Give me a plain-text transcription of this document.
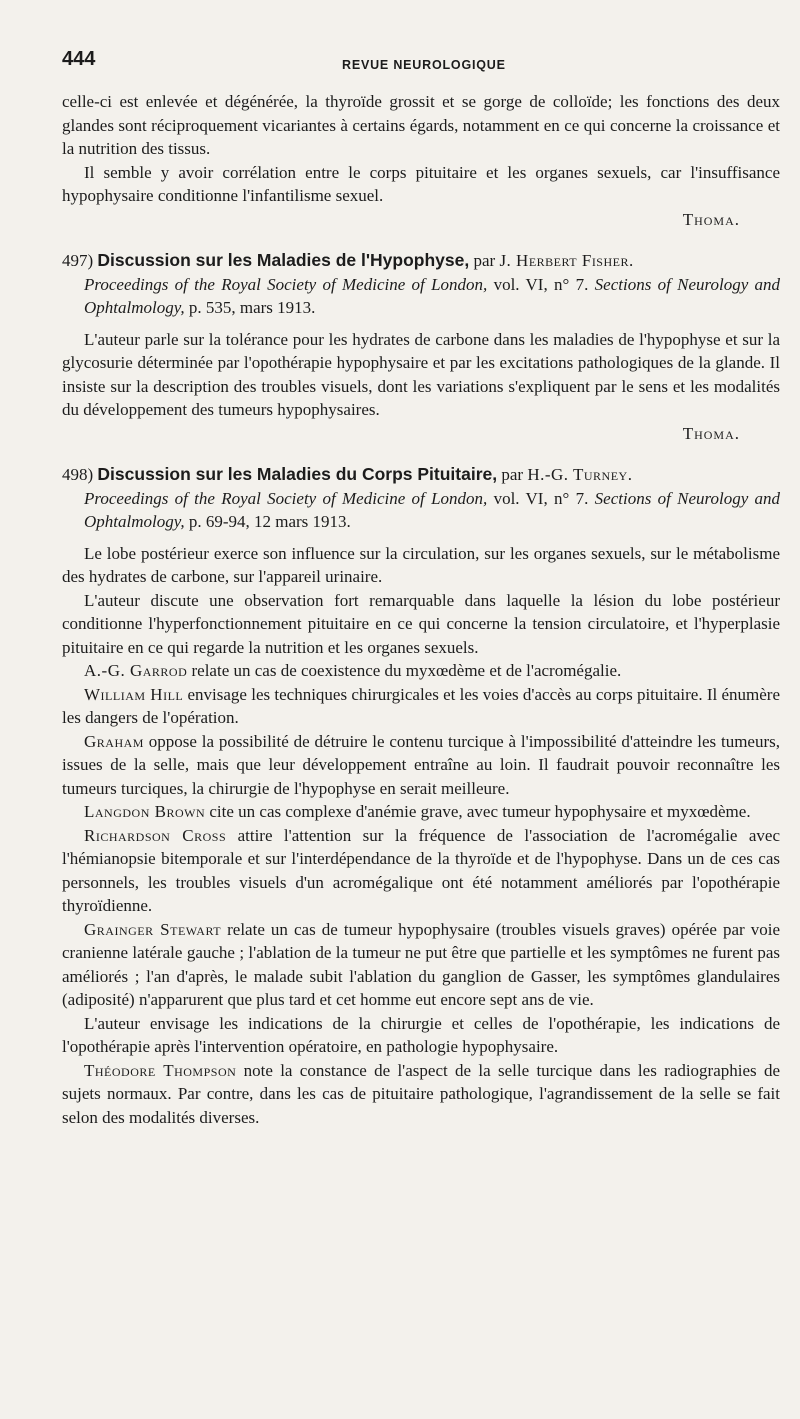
444	REVUE NEUROLOGIQUE

celle-ci est enlevée et dégénérée, la thyroïde grossit et se gorge de colloïde; les fonctions des deux glandes sont réciproquement vicariantes à certains égards, notamment en ce qui concerne la croissance et la nutrition des tissus.

Il semble y avoir corrélation entre le corps pituitaire et les organes sexuels, car l'insuffisance hypophysaire conditionne l'infantilisme sexuel.

Thoma.

497) Discussion sur les Maladies de l'Hypophyse, par J. Herbert Fisher.
Proceedings of the Royal Society of Medicine of London, vol. VI, n° 7. Sections of Neurology and Ophtalmology, p. 535, mars 1913.

L'auteur parle sur la tolérance pour les hydrates de carbone dans les maladies de l'hypophyse et sur la glycosurie déterminée par l'opothérapie hypophysaire et par les excitations pathologiques de la glande. Il insiste sur la description des troubles visuels, dont les variations s'expliquent par le sens et les modalités du développement des tumeurs hypophysaires.

Thoma.

498) Discussion sur les Maladies du Corps Pituitaire, par H.-G. Turney.
Proceedings of the Royal Society of Medicine of London, vol. VI, n° 7. Sections of Neurology and Ophtalmology, p. 69-94, 12 mars 1913.

Le lobe postérieur exerce son influence sur la circulation, sur les organes sexuels, sur le métabolisme des hydrates de carbone, sur l'appareil urinaire.

L'auteur discute une observation fort remarquable dans laquelle la lésion du lobe postérieur conditionne l'hyperfonctionnement pituitaire en ce qui concerne la tension circulatoire, et l'hyperplasie pituitaire en ce qui regarde la nutrition et les organes sexuels.

A.-G. Garrod relate un cas de coexistence du myxœdème et de l'acromégalie.

William Hill envisage les techniques chirurgicales et les voies d'accès au corps pituitaire. Il énumère les dangers de l'opération.

Graham oppose la possibilité de détruire le contenu turcique à l'impossibilité d'atteindre les tumeurs, issues de la selle, mais que leur développement entraîne au loin. Il faudrait pouvoir reconnaître les tumeurs turciques, la chirurgie de l'hypophyse en serait meilleure.

Langdon Brown cite un cas complexe d'anémie grave, avec tumeur hypophysaire et myxœdème.

Richardson Cross attire l'attention sur la fréquence de l'association de l'acromégalie avec l'hémianopsie bitemporale et sur l'interdépendance de la thyroïde et de l'hypophyse. Dans un de ces cas personnels, les troubles visuels d'un acromégalique ont été notamment améliorés par l'opothérapie thyroïdienne.

Grainger Stewart relate un cas de tumeur hypophysaire (troubles visuels graves) opérée par voie cranienne latérale gauche ; l'ablation de la tumeur ne put être que partielle et les symptômes ne furent pas améliorés ; l'an d'après, le malade subit l'ablation du ganglion de Gasser, les symptômes glandulaires (adiposité) n'apparurent que plus tard et cet homme eut encore sept ans de vie.

L'auteur envisage les indications de la chirurgie et celles de l'opothérapie, les indications de l'opothérapie après l'intervention opératoire, en pathologie hypophysaire.

Théodore Thompson note la constance de l'aspect de la selle turcique dans les radiographies de sujets normaux. Par contre, dans les cas de pituitaire pathologique, l'agrandissement de la selle se fait selon des modalités diverses.
